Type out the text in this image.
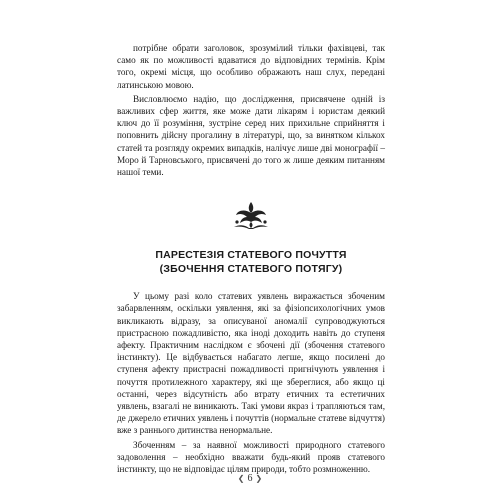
потрібне обрати заголовок, зрозумілий тільки фахівцеві, так само як по можливості вдаватися до відповідних термінів. Крім того, окремі місця, що особливо ображають наш слух, передані латинською мовою.

Висловлюємо надію, що дослідження, присвячене одній із важливих сфер життя, яке може дати лікарям і юристам деякий ключ до її розуміння, зустріне серед них прихильне сприйняття і поповнить дійсну прогалину в літературі, що, за винятком кількох статей та розгляду окремих випадків, налічує лише дві монографії – Моро й Тарновського, присвячені до того ж лише деяким питанням нашої теми.

ПАРЕСТЕЗІЯ СТАТЕВОГО ПОЧУТТЯ
(ЗБОЧЕННЯ СТАТЕВОГО ПОТЯГУ)

У цьому разі коло статевих уявлень виражається збоченим забарвленням, оскільки уявлення, які за фізіопсихологічних умов викликають відразу, за описуваної аномалії супроводжуються пристрасною пожадливістю, яка іноді доходить навіть до ступеня афекту. Практичним наслідком є збочені дії (збочення статевого інстинкту). Це відбувається набагато легше, якщо посилені до ступеня афекту пристрасні пожадливості пригнічують уявлення і почуття протилежного характеру, які ще збереглися, або якщо ці останні, через відсутність або втрату етичних та естетичних уявлень, взагалі не виникають. Такі умови якраз і трапляються там, де джерело етичних уявлень і почуттів (нормальне статеве відчуття) вже з раннього дитинства ненормальне.

Збоченням – за наявної можливості природного статевого задоволення – необхідно вважати будь-який прояв статевого інстинкту, що не відповідає цілям природи, тобто розмноженню.

❮ 6 ❯
